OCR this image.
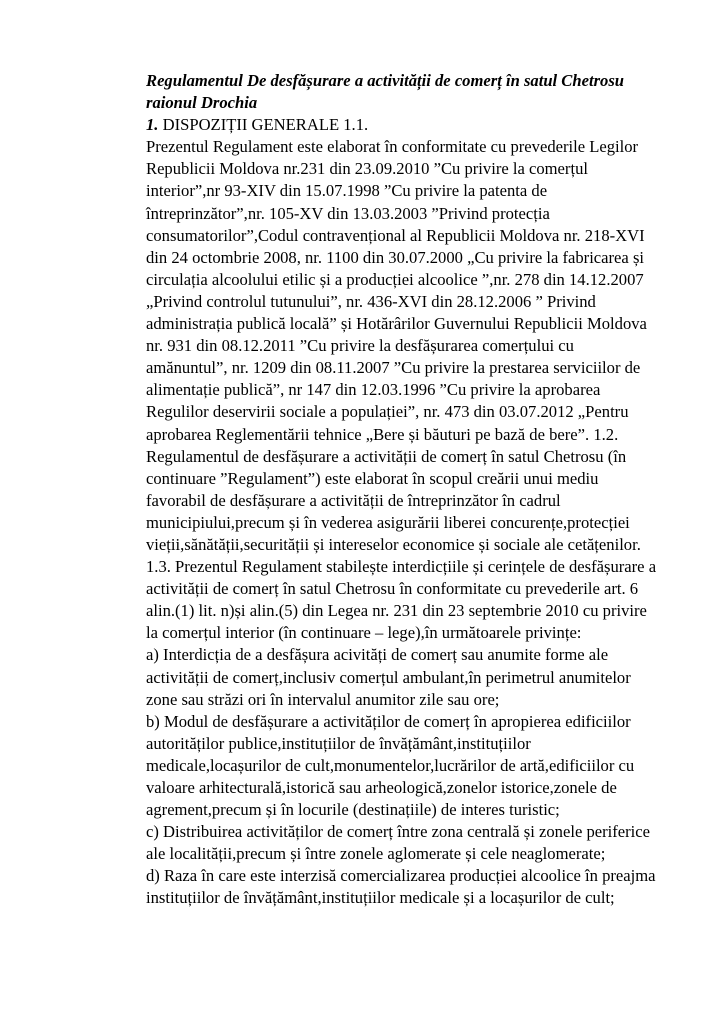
Regulamentul De desfășurare a activității de comerț în satul Chetrosu
raionul Drochia
1. DISPOZIȚII GENERALE 1.1.
Prezentul Regulament este elaborat în conformitate cu prevederile Legilor
Republicii Moldova nr.231 din 23.09.2010 ”Cu privire la comerțul
interior”,nr 93-XIV din 15.07.1998 ”Cu privire la patenta de
întreprinzător”,nr. 105-XV din 13.03.2003 ”Privind protecția
consumatorilor”,Codul contravențional al Republicii Moldova nr. 218-XVI
din 24 octombrie 2008, nr. 1100 din 30.07.2000 „Cu privire la fabricarea și
circulația alcoolului etilic și a producției alcoolice ”,nr. 278 din 14.12.2007
„Privind controlul tutunului”, nr. 436-XVI din 28.12.2006 ” Privind
administrația publică locală” și Hotărârilor Guvernului Republicii Moldova
nr. 931 din 08.12.2011 ”Cu privire la desfășurarea comerțului cu
amănuntul”, nr. 1209 din 08.11.2007 ”Cu privire la prestarea serviciilor de
alimentație publică”, nr 147 din 12.03.1996 ”Cu privire la aprobarea
Regulilor deservirii sociale a populației”, nr. 473 din 03.07.2012 „Pentru
aprobarea Reglementării tehnice „Bere și băuturi pe bază de bere”. 1.2.
Regulamentul de desfășurare a activității de comerț în satul Chetrosu (în
continuare ”Regulament”) este elaborat în scopul creării unui mediu
favorabil de desfășurare a activității de întreprinzător în cadrul
municipiului,precum și în vederea asigurării liberei concurențe,protecției
vieții,sănătății,securității și intereselor economice și sociale ale cetățenilor.
1.3. Prezentul Regulament stabilește interdicțiile și cerințele de desfășurare a
activității de comerț în satul Chetrosu în conformitate cu prevederile art. 6
alin.(1) lit. n)și alin.(5) din Legea nr. 231 din 23 septembrie 2010 cu privire
la comerțul interior (în continuare – lege),în următoarele privințe:
a) Interdicția de a desfășura acivități de comerț sau anumite forme ale
activității de comerț,inclusiv comerțul ambulant,în perimetrul anumitelor
zone sau străzi ori în intervalul anumitor zile sau ore;
b) Modul de desfășurare a activităților de comerț în apropierea edificiilor
autorităților publice,instituțiilor de învățământ,instituțiilor
medicale,locașurilor de cult,monumentelor,lucrărilor de artă,edificiilor cu
valoare arhitecturală,istorică sau arheologică,zonelor istorice,zonele de
agrement,precum și în locurile (destinațiile) de interes turistic;
c) Distribuirea activităților de comerț între zona centrală și zonele periferice
ale localității,precum și între zonele aglomerate și cele neaglomerate;
d) Raza în care este interzisă comercializarea producției alcoolice în preajma
instituțiilor de învățământ,instituțiilor medicale și a locașurilor de cult;
